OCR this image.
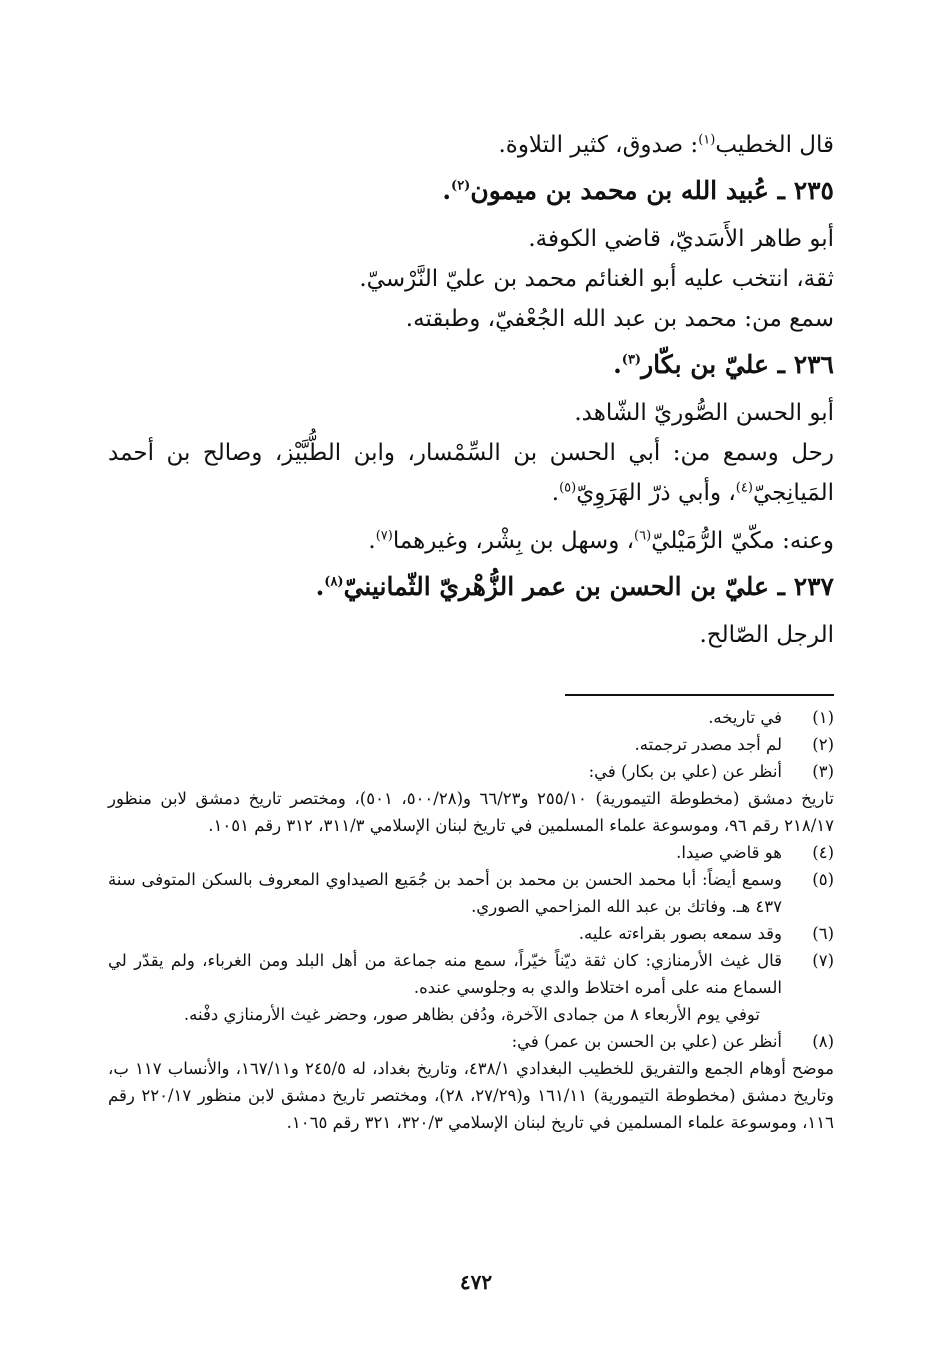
قال الخطيب$^{(١)}$: صدوق، كثير التلاوة.

٢٣٥ ـ عُبيد الله بن محمد بن ميمون$^{(٢)}$.

أبو طاهر الأَسَديّ، قاضي الكوفة.

ثقة، انتخب عليه أبو الغنائم محمد بن عليّ النَّرْسيّ.

سمع من: محمد بن عبد الله الجُعْفيّ، وطبقته.

٢٣٦ ـ عليّ بن بكّار$^{(٣)}$.

أبو الحسن الصُّوريّ الشّاهد.

رحل وسمع من: أبي الحسن بن السِّمْسار، وابن الطُّبَّيْز، وصالح بن أحمد المَيانِجيّ$^{(٤)}$، وأبي ذرّ الهَرَوِيّ$^{(٥)}$.

وعنه: مكّيّ الرُّمَيْليّ$^{(٦)}$، وسهل بن بِشْر، وغيرهما$^{(٧)}$.

٢٣٧ ـ عليّ بن الحسن بن عمر الزُّهْريّ الثّمانينيّ$^{(٨)}$.

الرجل الصّالح.

(١)
في تاريخه.
(٢)
لم أجد مصدر ترجمته.
(٣)
أنظر عن (علي بن بكار) في:
تاريخ دمشق (مخطوطة التيمورية) ٢٥٥/١٠ و٦٦/٢٣ و(٥٠٠/٢٨، ٥٠١)، ومختصر تاريخ دمشق لابن منظور ٢١٨/١٧ رقم ٩٦، وموسوعة علماء المسلمين في تاريخ لبنان الإسلامي ٣١١/٣، ٣١٢ رقم ١٠٥١.
(٤)
هو قاضي صيدا.
(٥)
وسمع أيضاً: أبا محمد الحسن بن محمد بن أحمد بن جُمَيع الصيداوي المعروف بالسكن المتوفى سنة ٤٣٧ هـ. وفاتك بن عبد الله المزاحمي الصوري.
(٦)
وقد سمعه بصور بقراءته عليه.
(٧)
قال غيث الأرمنازي: كان ثقة ديّناً خيّراً، سمع منه جماعة من أهل البلد ومن الغرباء، ولم يقدّر لي السماع منه على أمره اختلاط والدي به وجلوسي عنده.
توفي يوم الأربعاء ٨ من جمادى الآخرة، ودُفن بظاهر صور، وحضر غيث الأرمنازي دفْنه.
(٨)
أنظر عن (علي بن الحسن بن عمر) في:
موضح أوهام الجمع والتفريق للخطيب البغدادي ٤٣٨/١، وتاريخ بغداد، له ٢٤٥/٥ و١٦٧/١١، والأنساب ١١٧ ب، وتاريخ دمشق (مخطوطة التيمورية) ١٦١/١١ و(٢٧/٢٩، ٢٨)، ومختصر تاريخ دمشق لابن منظور ٢٢٠/١٧ رقم ١١٦، وموسوعة علماء المسلمين في تاريخ لبنان الإسلامي ٣٢٠/٣، ٣٢١ رقم ١٠٦٥.
٤٧٢
